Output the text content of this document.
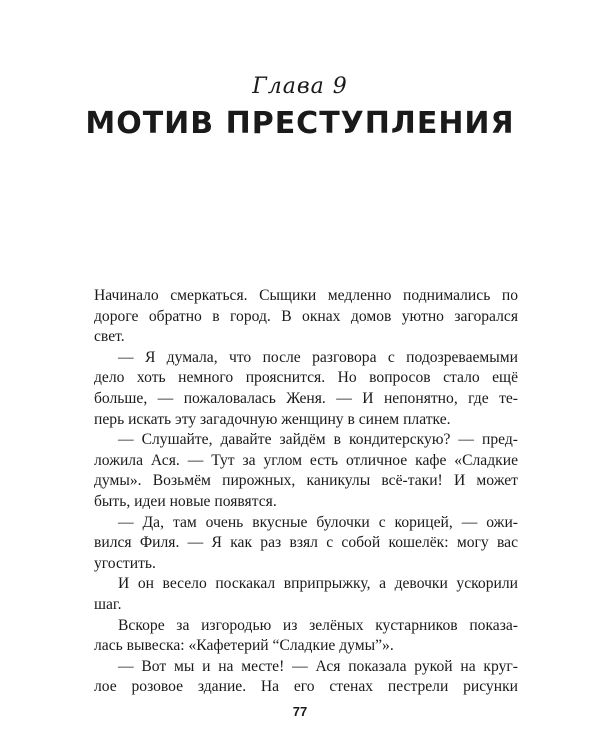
Глава 9
МОТИВ ПРЕСТУПЛЕНИЯ
Начинало смеркаться. Сыщики медленно поднимались по
дороге обратно в город. В окнах домов уютно загорался
свет.
— Я думала, что после разговора с подозреваемыми
дело хоть немного прояснится. Но вопросов стало ещё
больше, — пожаловалась Женя. — И непонятно, где те-
перь искать эту загадочную женщину в синем платке.
— Слушайте, давайте зайдём в кондитерскую? — пред-
ложила Ася. — Тут за углом есть отличное кафе «Сладкие
думы». Возьмём пирожных, каникулы всё-таки! И может
быть, идеи новые появятся.
— Да, там очень вкусные булочки с корицей, — ожи-
вился Филя. — Я как раз взял с собой кошелёк: могу вас
угостить.
И он весело поскакал вприпрыжку, а девочки ускорили
шаг.
Вскоре за изгородью из зелёных кустарников показа-
лась вывеска: «Кафетерий “Сладкие думы”».
— Вот мы и на месте! — Ася показала рукой на круг-
лое розовое здание. На его стенах пестрели рисунки
77
